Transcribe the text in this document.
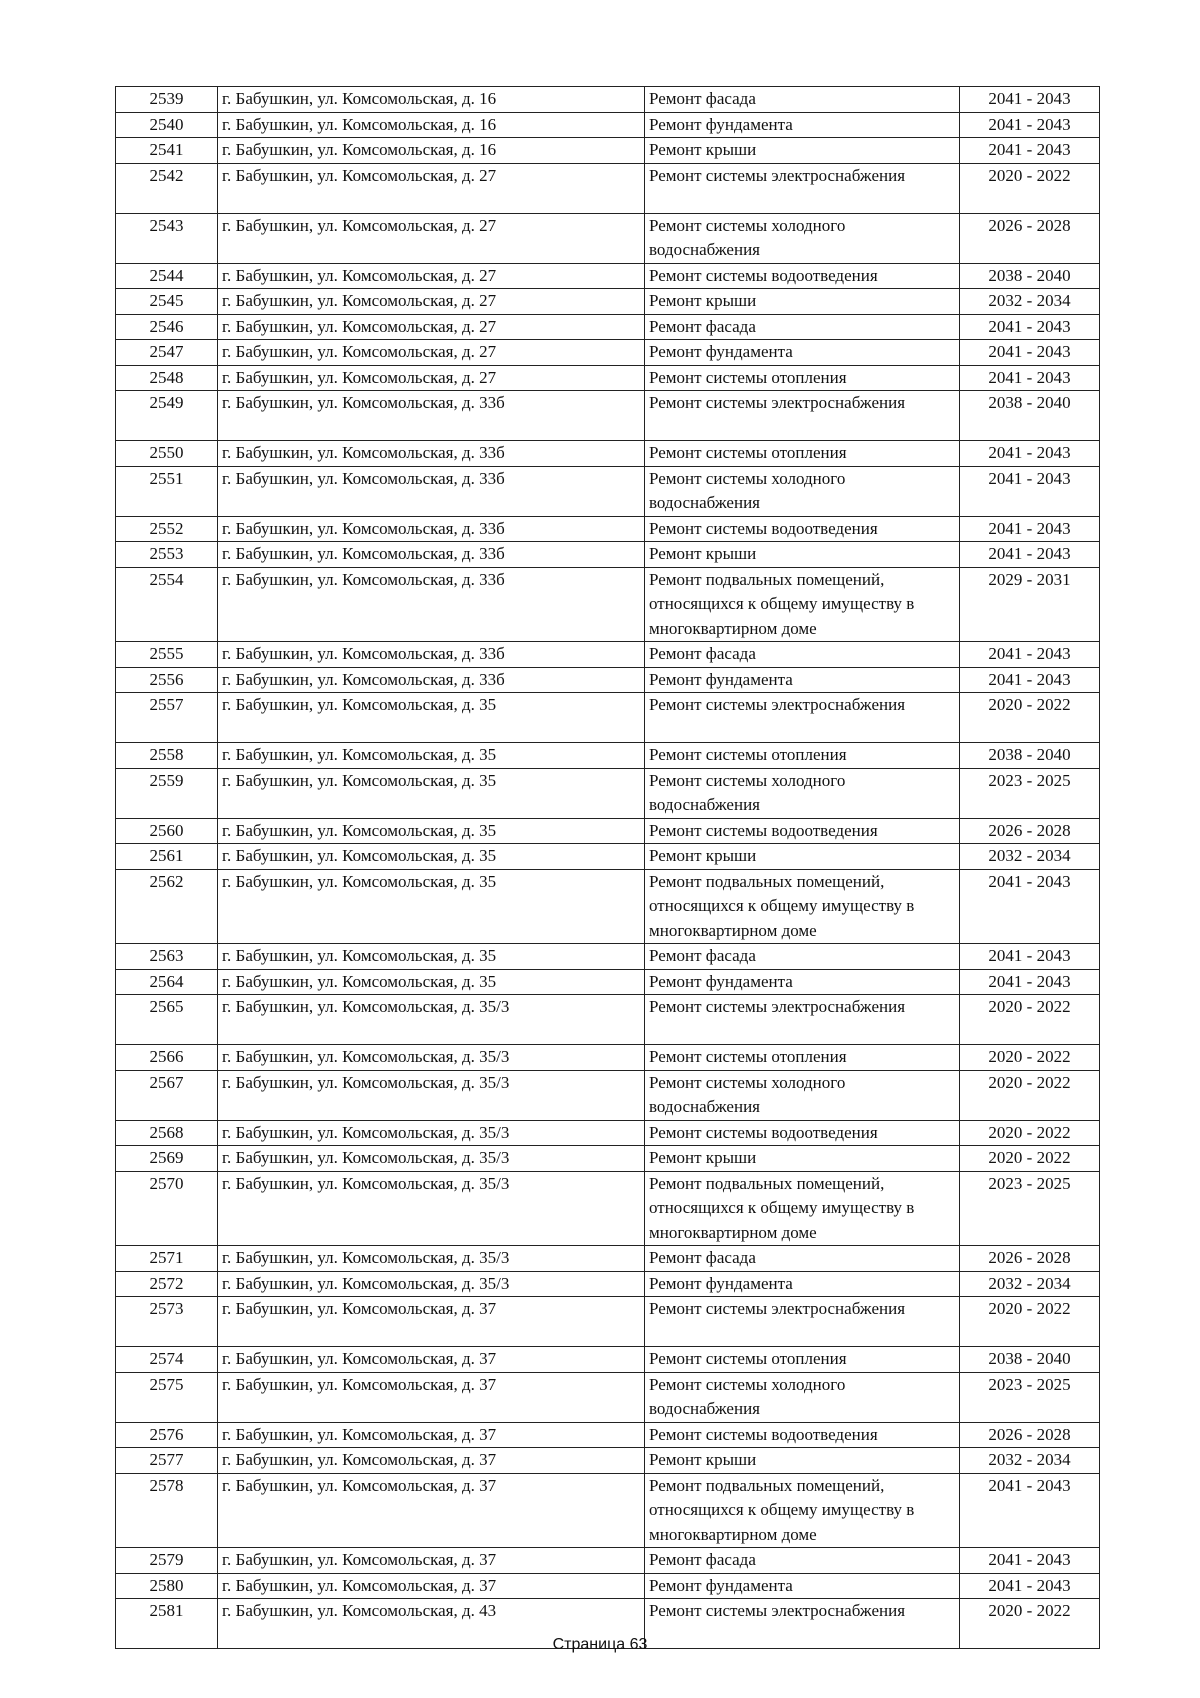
2539	г. Бабушкин, ул. Комсомольская, д. 16	Ремонт фасада	2041 - 2043
2540	г. Бабушкин, ул. Комсомольская, д. 16	Ремонт фундамента	2041 - 2043
2541	г. Бабушкин, ул. Комсомольская, д. 16	Ремонт крыши	2041 - 2043
2542	г. Бабушкин, ул. Комсомольская, д. 27	Ремонт системы электроснабжения	2020 - 2022
2543	г. Бабушкин, ул. Комсомольская, д. 27	Ремонт системы холодного водоснабжения	2026 - 2028
2544	г. Бабушкин, ул. Комсомольская, д. 27	Ремонт системы водоотведения	2038 - 2040
2545	г. Бабушкин, ул. Комсомольская, д. 27	Ремонт крыши	2032 - 2034
2546	г. Бабушкин, ул. Комсомольская, д. 27	Ремонт фасада	2041 - 2043
2547	г. Бабушкин, ул. Комсомольская, д. 27	Ремонт фундамента	2041 - 2043
2548	г. Бабушкин, ул. Комсомольская, д. 27	Ремонт системы отопления	2041 - 2043
2549	г. Бабушкин, ул. Комсомольская, д. 33б	Ремонт системы электроснабжения	2038 - 2040
2550	г. Бабушкин, ул. Комсомольская, д. 33б	Ремонт системы отопления	2041 - 2043
2551	г. Бабушкин, ул. Комсомольская, д. 33б	Ремонт системы холодного водоснабжения	2041 - 2043
2552	г. Бабушкин, ул. Комсомольская, д. 33б	Ремонт системы водоотведения	2041 - 2043
2553	г. Бабушкин, ул. Комсомольская, д. 33б	Ремонт крыши	2041 - 2043
2554	г. Бабушкин, ул. Комсомольская, д. 33б	Ремонт подвальных помещений, относящихся к общему имуществу в многоквартирном доме	2029 - 2031
2555	г. Бабушкин, ул. Комсомольская, д. 33б	Ремонт фасада	2041 - 2043
2556	г. Бабушкин, ул. Комсомольская, д. 33б	Ремонт фундамента	2041 - 2043
2557	г. Бабушкин, ул. Комсомольская, д. 35	Ремонт системы электроснабжения	2020 - 2022
2558	г. Бабушкин, ул. Комсомольская, д. 35	Ремонт системы отопления	2038 - 2040
2559	г. Бабушкин, ул. Комсомольская, д. 35	Ремонт системы холодного водоснабжения	2023 - 2025
2560	г. Бабушкин, ул. Комсомольская, д. 35	Ремонт системы водоотведения	2026 - 2028
2561	г. Бабушкин, ул. Комсомольская, д. 35	Ремонт крыши	2032 - 2034
2562	г. Бабушкин, ул. Комсомольская, д. 35	Ремонт подвальных помещений, относящихся к общему имуществу в многоквартирном доме	2041 - 2043
2563	г. Бабушкин, ул. Комсомольская, д. 35	Ремонт фасада	2041 - 2043
2564	г. Бабушкин, ул. Комсомольская, д. 35	Ремонт фундамента	2041 - 2043
2565	г. Бабушкин, ул. Комсомольская, д. 35/3	Ремонт системы электроснабжения	2020 - 2022
2566	г. Бабушкин, ул. Комсомольская, д. 35/3	Ремонт системы отопления	2020 - 2022
2567	г. Бабушкин, ул. Комсомольская, д. 35/3	Ремонт системы холодного водоснабжения	2020 - 2022
2568	г. Бабушкин, ул. Комсомольская, д. 35/3	Ремонт системы водоотведения	2020 - 2022
2569	г. Бабушкин, ул. Комсомольская, д. 35/3	Ремонт крыши	2020 - 2022
2570	г. Бабушкин, ул. Комсомольская, д. 35/3	Ремонт подвальных помещений, относящихся к общему имуществу в многоквартирном доме	2023 - 2025
2571	г. Бабушкин, ул. Комсомольская, д. 35/3	Ремонт фасада	2026 - 2028
2572	г. Бабушкин, ул. Комсомольская, д. 35/3	Ремонт фундамента	2032 - 2034
2573	г. Бабушкин, ул. Комсомольская, д. 37	Ремонт системы электроснабжения	2020 - 2022
2574	г. Бабушкин, ул. Комсомольская, д. 37	Ремонт системы отопления	2038 - 2040
2575	г. Бабушкин, ул. Комсомольская, д. 37	Ремонт системы холодного водоснабжения	2023 - 2025
2576	г. Бабушкин, ул. Комсомольская, д. 37	Ремонт системы водоотведения	2026 - 2028
2577	г. Бабушкин, ул. Комсомольская, д. 37	Ремонт крыши	2032 - 2034
2578	г. Бабушкин, ул. Комсомольская, д. 37	Ремонт подвальных помещений, относящихся к общему имуществу в многоквартирном доме	2041 - 2043
2579	г. Бабушкин, ул. Комсомольская, д. 37	Ремонт фасада	2041 - 2043
2580	г. Бабушкин, ул. Комсомольская, д. 37	Ремонт фундамента	2041 - 2043
2581	г. Бабушкин, ул. Комсомольская, д. 43	Ремонт системы электроснабжения	2020 - 2022
Страница 63
